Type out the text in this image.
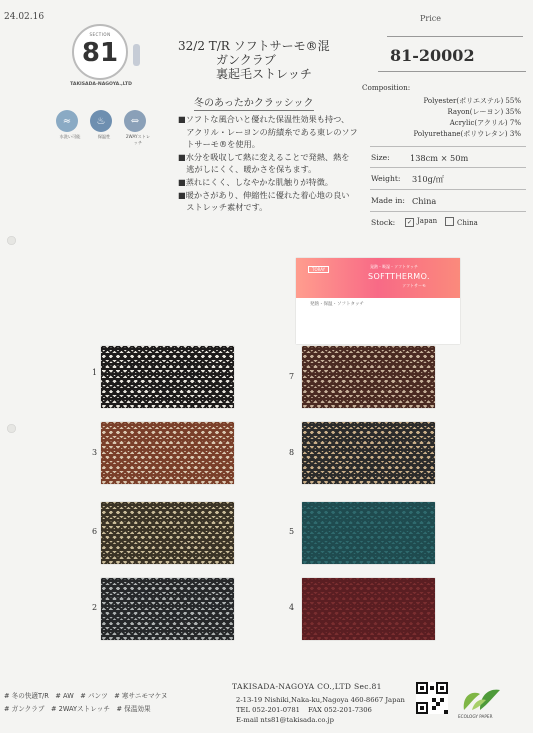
24.02.16
SECTION
81
TAKISADA-NAGOYA.,LTD
≈
水洗い可能
♨
保温性
⇔
2WAYストレッチ
32/2 T/R ソフトサーモ®混
ガンクラブ
裏起毛ストレッチ
冬のあったかクラッシック
■ソフトな風合いと優れた保温性効果も持つ、
　アクリル・レーヨンの紡績糸である東レのソフ
　トサーモ®を使用。
■水分を吸収して熱に変えることで発熱、熱を
　逃がしにくく、暖かさを保ちます。
■蒸れにくく、しなやかな肌触りが特徴。
■暖かさがあり、伸縮性に優れた着心地の良い
　ストレッチ素材です。
Price
81-20002
Composition:
Polyester(ポリエステル) 55%
Rayon(レーヨン) 35%
Acrylic(アクリル) 7%
Polyurethane(ポリウレタン) 3%
Size: 138cm × 50m
Weight: 310g/㎡
Made in: China
Stock:	✓ Japan	China
TORAY
発熱・吸湿・ソフトタッチ
SOFTTHERMO.
ソフトサーモ
発熱・保温・ソフトタッチ
1
3
6
2
7
8
5
4
# 冬の快適T/R　# AW　# パンツ　# 寒サニモマケヌ
# ガンクラブ　# 2WAYストレッチ　# 保温効果
TAKISADA-NAGOYA CO.,LTD Sec.81
2-13-19 Nishiki,Naka-ku,Nagoya 460-8667 Japan
TEL 052-201-0781 FAX 052-201-7306
E-mail nts81@takisada.co.jp	ECOLOGY PAPER
